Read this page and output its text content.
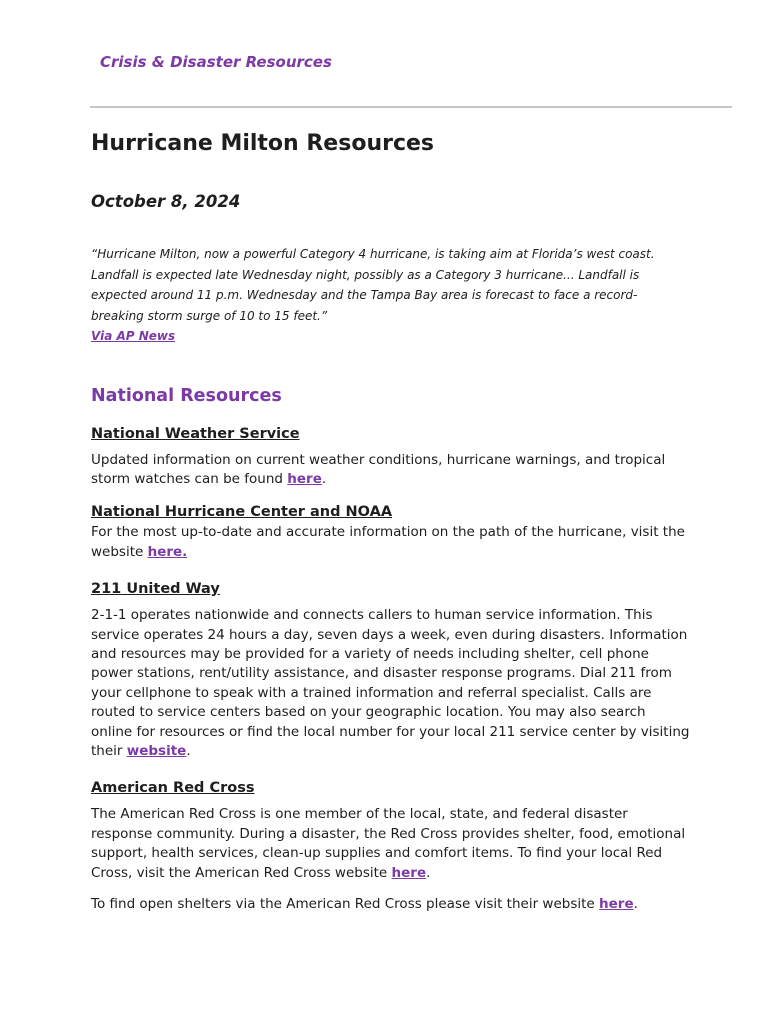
Crisis & Disaster Resources

Hurricane Milton Resources
October 8, 2024
“Hurricane Milton, now a powerful Category 4 hurricane, is taking aim at Florida’s west coast. Landfall is expected late Wednesday night, possibly as a Category 3 hurricane... Landfall is expected around 11 p.m. Wednesday and the Tampa Bay area is forecast to face a record-breaking storm surge of 10 to 15 feet.”
Via AP News
National Resources
National Weather Service

Updated information on current weather conditions, hurricane warnings, and tropical storm watches can be found here.

National Hurricane Center and NOAA

For the most up-to-date and accurate information on the path of the hurricane, visit the website here.

211 United Way

2-1-1 operates nationwide and connects callers to human service information. This service operates 24 hours a day, seven days a week, even during disasters. Information and resources may be provided for a variety of needs including shelter, cell phone power stations, rent/utility assistance, and disaster response programs. Dial 211 from your cellphone to speak with a trained information and referral specialist. Calls are routed to service centers based on your geographic location. You may also search online for resources or find the local number for your local 211 service center by visiting their website.

American Red Cross

The American Red Cross is one member of the local, state, and federal disaster response community. During a disaster, the Red Cross provides shelter, food, emotional support, health services, clean-up supplies and comfort items. To find your local Red Cross, visit the American Red Cross website here.

To find open shelters via the American Red Cross please visit their website here.
